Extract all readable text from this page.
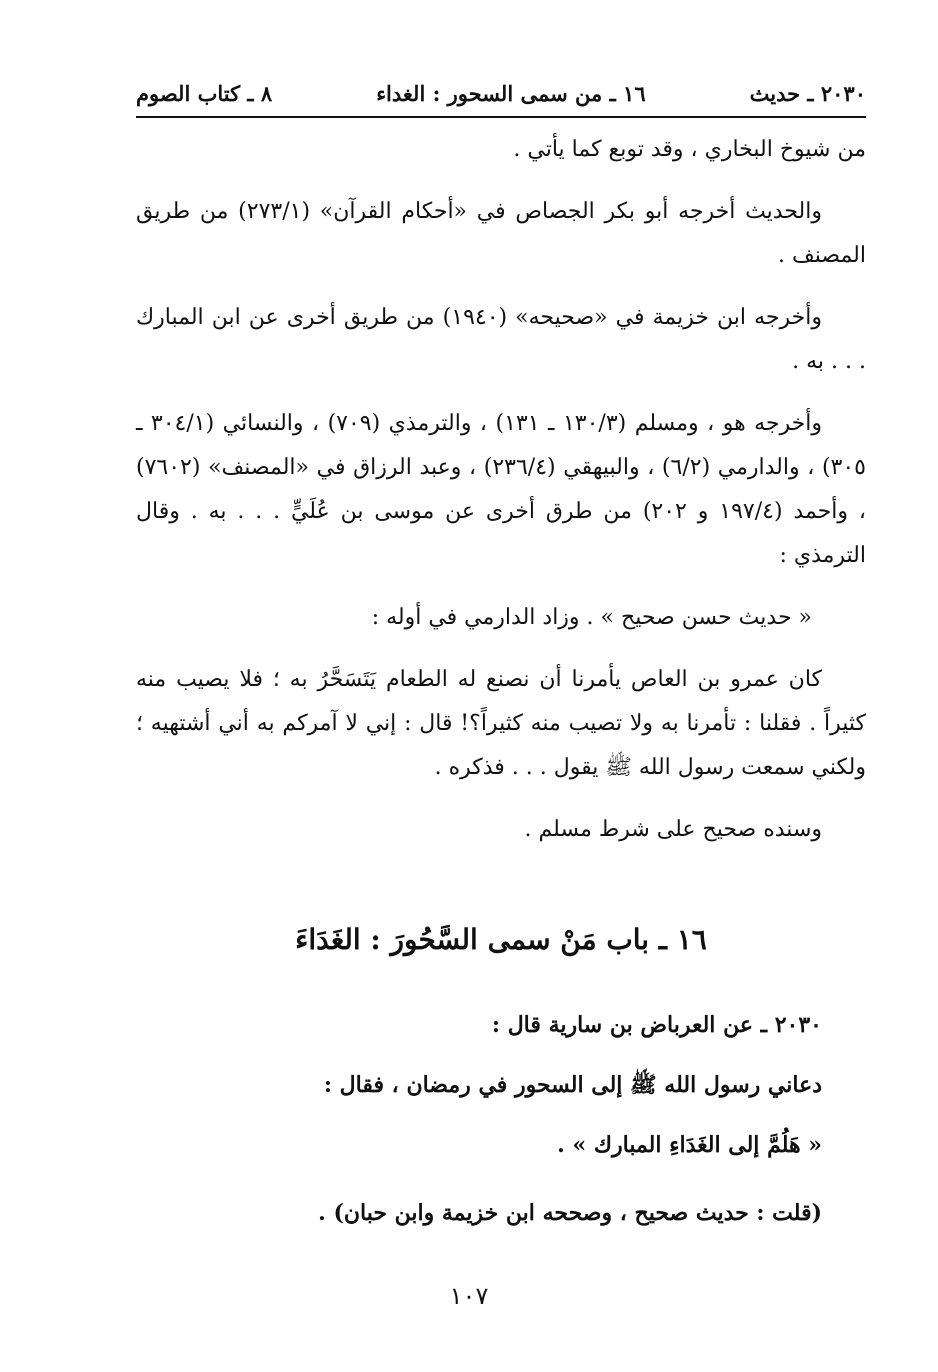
٨ ـ كتاب الصوم	١٦ ـ من سمى السحور : الغداء	٢٠٣٠ ـ حديث

من شيوخ البخاري ، وقد توبع كما يأتي .

والحديث أخرجه أبو بكر الجصاص في «أحكام القرآن» (٢٧٣/١) من طريق المصنف .

وأخرجه ابن خزيمة في «صحيحه» (١٩٤٠) من طريق أخرى عن ابن المبارك . . . به .

وأخرجه هو ، ومسلم (١٣٠/٣ ـ ١٣١) ، والترمذي (٧٠٩) ، والنسائي (٣٠٤/١ ـ ٣٠٥) ، والدارمي (٦/٢) ، والبيهقي (٢٣٦/٤) ، وعبد الرزاق في «المصنف» (٧٦٠٢) ، وأحمد (١٩٧/٤ و ٢٠٢) من طرق أخرى عن موسى بن عُلَيٍّ . . . به . وقال الترمذي :

« حديث حسن صحيح » . وزاد الدارمي في أوله :

كان عمرو بن العاص يأمرنا أن نصنع له الطعام يَتَسَحَّرُ به ؛ فلا يصيب منه كثيراً . فقلنا : تأمرنا به ولا تصيب منه كثيراً؟! قال : إني لا آمركم به أني أشتهيه ؛ ولكني سمعت رسول الله ﷺ يقول . . . فذكره .

وسنده صحيح على شرط مسلم .

١٦ ـ باب مَنْ سمى السَّحُورَ : الغَدَاءَ
٢٠٣٠ ـ عن العرباض بن سارية قال :
دعاني رسول الله ﷺ إلى السحور في رمضان ، فقال :
« هَلُمَّ إلى الغَدَاءِ المبارك » .
(قلت : حديث صحيح ، وصححه ابن خزيمة وابن حبان) .
١٠٧
